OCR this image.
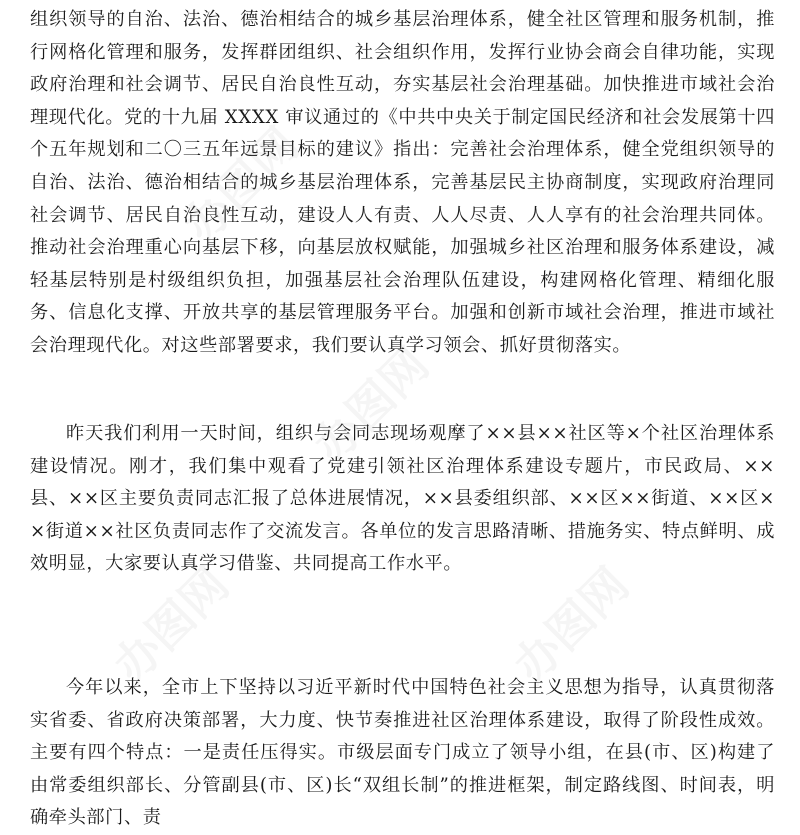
组织领导的自治、法治、德治相结合的城乡基层治理体系，健全社区管理和服务机制，推行网格化管理和服务，发挥群团组织、社会组织作用，发挥行业协会商会自律功能，实现政府治理和社会调节、居民自治良性互动，夯实基层社会治理基础。加快推进市域社会治理现代化。党的十九届 XXXX 审议通过的《中共中央关于制定国民经济和社会发展第十四个五年规划和二〇三五年远景目标的建议》指出：完善社会治理体系，健全党组织领导的自治、法治、德治相结合的城乡基层治理体系，完善基层民主协商制度，实现政府治理同社会调节、居民自治良性互动，建设人人有责、人人尽责、人人享有的社会治理共同体。推动社会治理重心向基层下移，向基层放权赋能，加强城乡社区治理和服务体系建设，减轻基层特别是村级组织负担，加强基层社会治理队伍建设，构建网格化管理、精细化服务、信息化支撑、开放共享的基层管理服务平台。加强和创新市域社会治理，推进市域社会治理现代化。对这些部署要求，我们要认真学习领会、抓好贯彻落实。

昨天我们利用一天时间，组织与会同志现场观摩了××县××社区等×个社区治理体系建设情况。刚才，我们集中观看了党建引领社区治理体系建设专题片，市民政局、××县、××区主要负责同志汇报了总体进展情况，××县委组织部、××区××街道、××区××街道××社区负责同志作了交流发言。各单位的发言思路清晰、措施务实、特点鲜明、成效明显，大家要认真学习借鉴、共同提高工作水平。

今年以来，全市上下坚持以习近平新时代中国特色社会主义思想为指导，认真贯彻落实省委、省政府决策部署，大力度、快节奏推进社区治理体系建设，取得了阶段性成效。主要有四个特点：一是责任压得实。市级层面专门成立了领导小组，在县(市、区)构建了由常委组织部长、分管副县(市、区)长“双组长制”的推进框架，制定路线图、时间表，明确牵头部门、责

办图网
办图网
办图网	办图网
